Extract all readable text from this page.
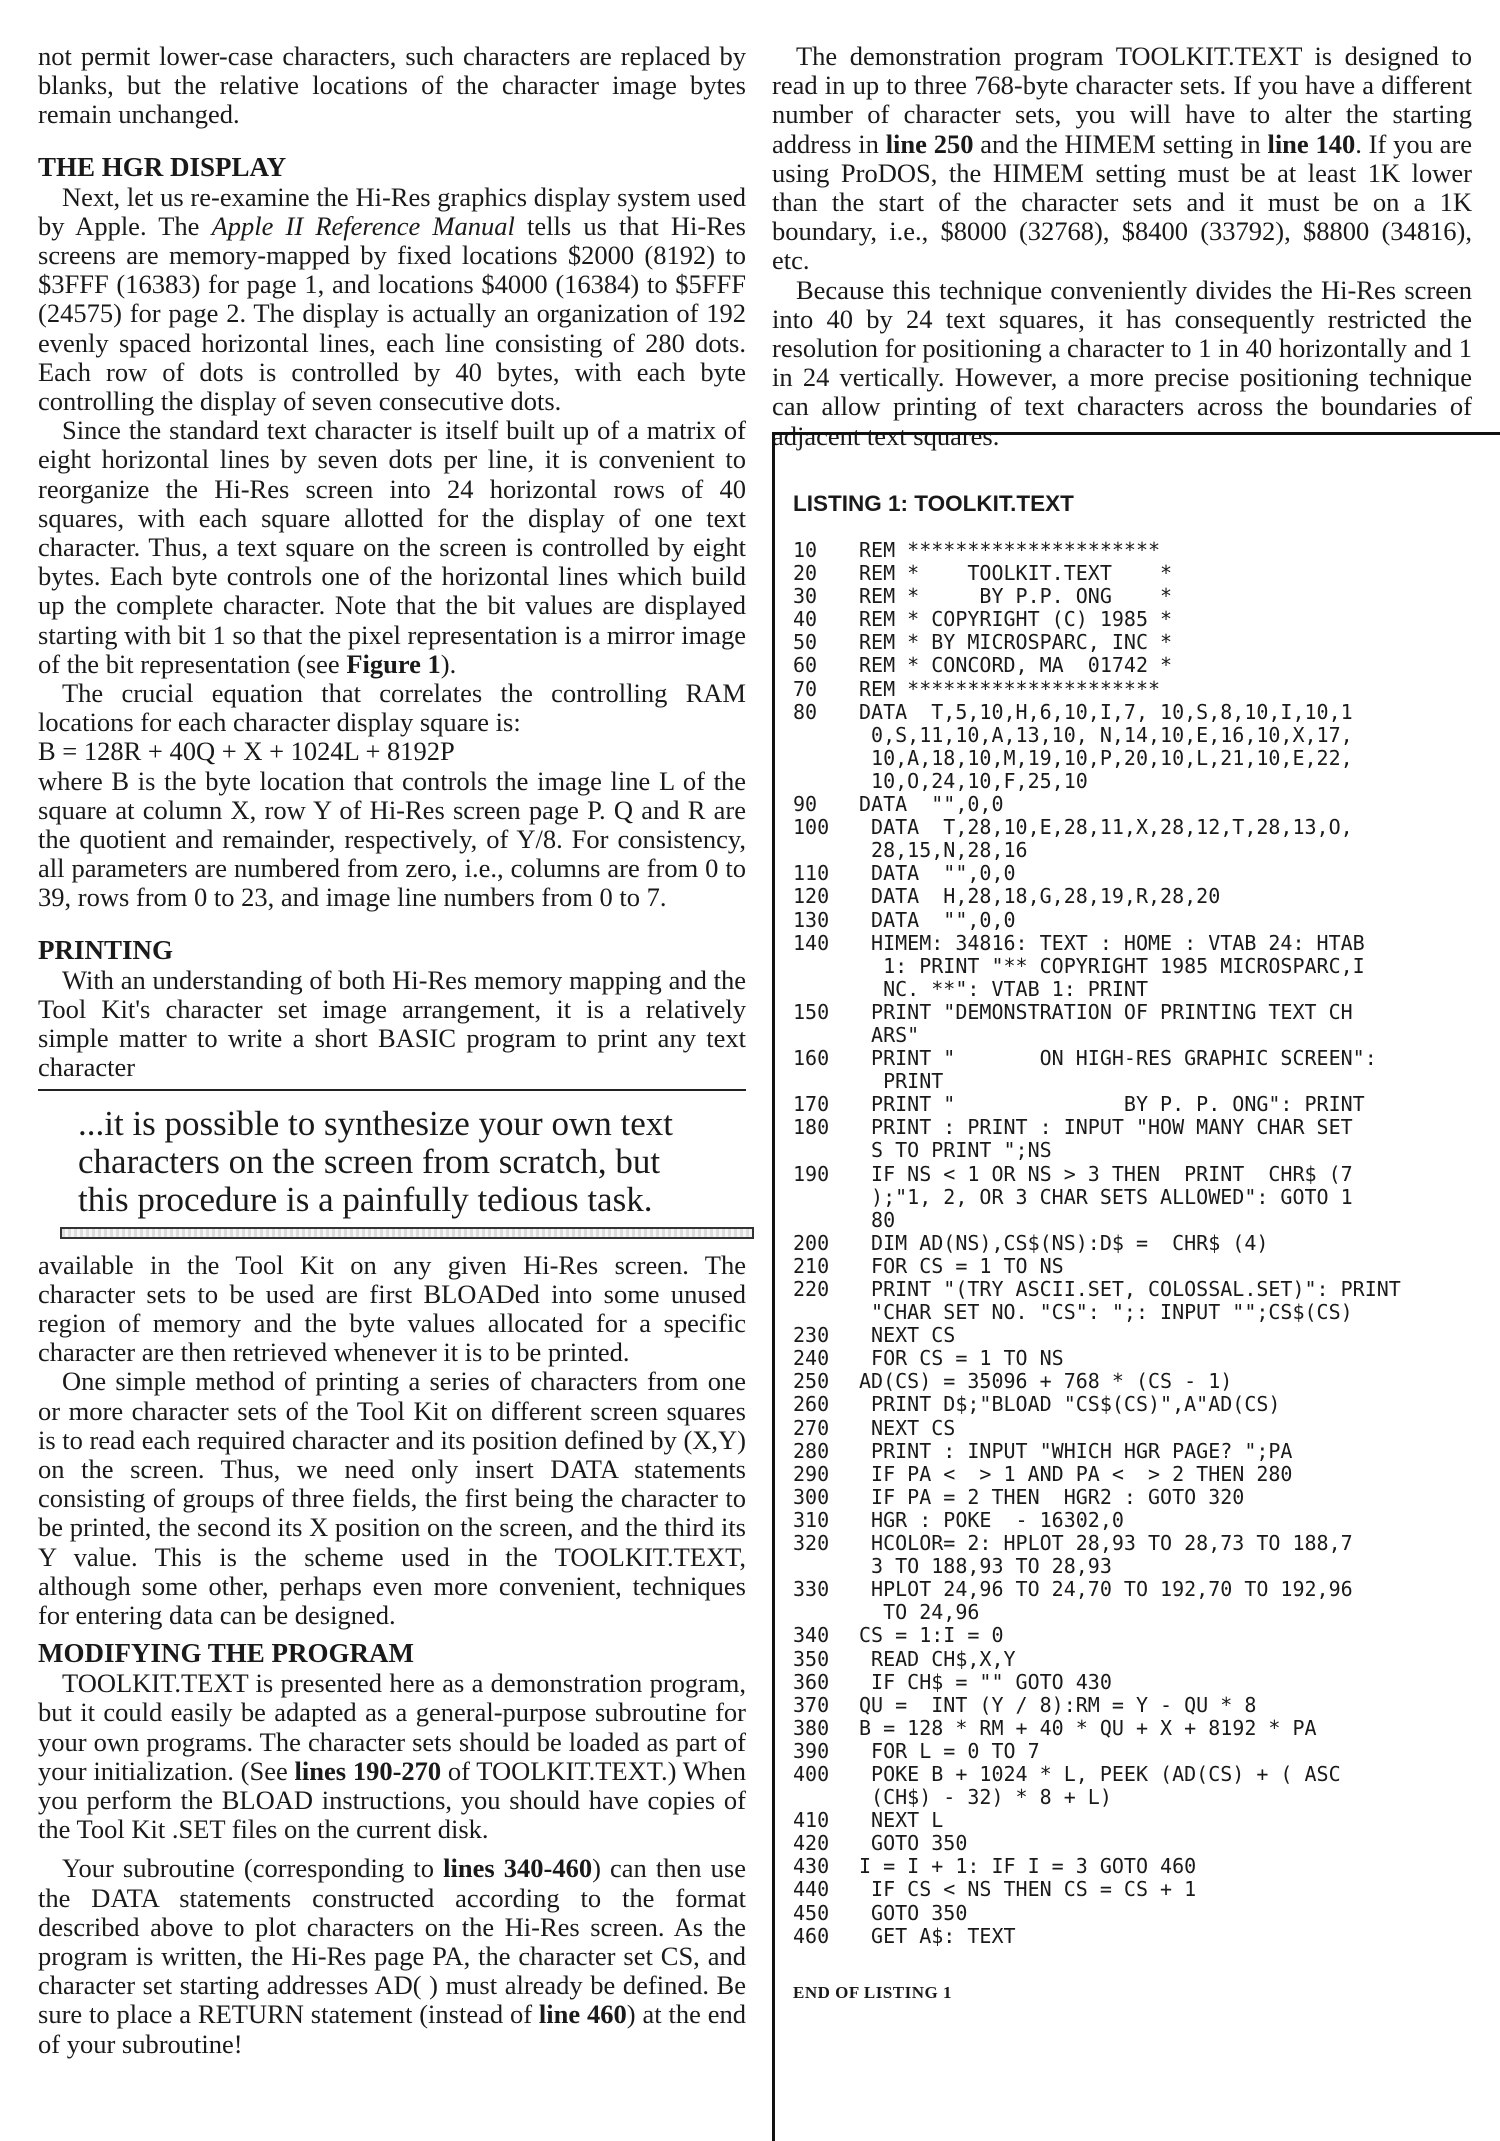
not permit lower-case characters, such characters are replaced by blanks, but the relative locations of the character image bytes remain unchanged.

THE HGR DISPLAY

Next, let us re-examine the Hi-Res graphics display system used by Apple. The Apple II Reference Manual tells us that Hi-Res screens are memory-mapped by fixed locations $2000 (8192) to $3FFF (16383) for page 1, and locations $4000 (16384) to $5FFF (24575) for page 2. The display is actually an organization of 192 evenly spaced horizontal lines, each line consisting of 280 dots. Each row of dots is controlled by 40 bytes, with each byte controlling the display of seven consecutive dots.

Since the standard text character is itself built up of a matrix of eight horizontal lines by seven dots per line, it is convenient to reorganize the Hi-Res screen into 24 horizontal rows of 40 squares, with each square allotted for the display of one text character. Thus, a text square on the screen is controlled by eight bytes. Each byte controls one of the horizontal lines which build up the complete character. Note that the bit values are displayed starting with bit 1 so that the pixel representation is a mirror image of the bit representation (see Figure 1).

The crucial equation that correlates the controlling RAM locations for each character display square is:

B = 128R + 40Q + X + 1024L + 8192P

where B is the byte location that controls the image line L of the square at column X, row Y of Hi-Res screen page P. Q and R are the quotient and remainder, respectively, of Y/8. For consistency, all parameters are numbered from zero, i.e., columns are from 0 to 39, rows from 0 to 23, and image line numbers from 0 to 7.

PRINTING

With an understanding of both Hi-Res memory mapping and the Tool Kit's character set image arrangement, it is a relatively simple matter to write a short BASIC program to print any text character

...it is possible to synthesize your own text characters on the screen from scratch, but this procedure is a painfully tedious task.

available in the Tool Kit on any given Hi-Res screen. The character sets to be used are first BLOADed into some unused region of memory and the byte values allocated for a specific character are then retrieved whenever it is to be printed.

One simple method of printing a series of characters from one or more character sets of the Tool Kit on different screen squares is to read each required character and its position defined by (X,Y) on the screen. Thus, we need only insert DATA statements consisting of groups of three fields, the first being the character to be printed, the second its X position on the screen, and the third its Y value. This is the scheme used in the TOOLKIT.TEXT, although some other, perhaps even more convenient, techniques for entering data can be designed.

MODIFYING THE PROGRAM

TOOLKIT.TEXT is presented here as a demonstration program, but it could easily be adapted as a general-purpose subroutine for your own programs. The character sets should be loaded as part of your initialization. (See lines 190-270 of TOOLKIT.TEXT.) When you perform the BLOAD instructions, you should have copies of the Tool Kit .SET files on the current disk.

Your subroutine (corresponding to lines 340-460) can then use the DATA statements constructed according to the format described above to plot characters on the Hi-Res screen. As the program is written, the Hi-Res page PA, the character set CS, and character set starting addresses AD( ) must already be defined. Be sure to place a RETURN statement (instead of line 460) at the end of your subroutine!

The demonstration program TOOLKIT.TEXT is designed to read in up to three 768-byte character sets. If you have a different number of character sets, you will have to alter the starting address in line 250 and the HIMEM setting in line 140. If you are using ProDOS, the HIMEM setting must be at least 1K lower than the start of the character sets and it must be on a 1K boundary, i.e., $8000 (32768), $8400 (33792), $8800 (34816), etc.

Because this technique conveniently divides the Hi-Res screen into 40 by 24 text squares, it has consequently restricted the resolution for positioning a character to 1 in 40 horizontally and 1 in 24 vertically. However, a more precise positioning technique can allow printing of text characters across the boundaries of adjacent text squares.

LISTING 1: TOOLKIT.TEXT
10	REM *********************
20	REM *    TOOLKIT.TEXT    *
30	REM *     BY P.P. ONG    *
40	REM * COPYRIGHT (C) 1985 *
50	REM * BY MICROSPARC, INC *
60	REM * CONCORD, MA  01742 *
70	REM *********************
80	DATA  T,5,10,H,6,10,I,7, 10,S,8,10,I,10,1
0,S,11,10,A,13,10, N,14,10,E,16,10,X,17,
10,A,18,10,M,19,10,P,20,10,L,21,10,E,22,
10,O,24,10,F,25,10
90	DATA  "",0,0
100	DATA  T,28,10,E,28,11,X,28,12,T,28,13,O,
28,15,N,28,16
110	DATA  "",0,0
120	DATA  H,28,18,G,28,19,R,28,20
130	DATA  "",0,0
140	HIMEM: 34816: TEXT : HOME : VTAB 24: HTAB
1: PRINT "** COPYRIGHT 1985 MICROSPARC,I
NC. **": VTAB 1: PRINT
150	PRINT "DEMONSTRATION OF PRINTING TEXT CH
ARS"
160	PRINT "       ON HIGH-RES GRAPHIC SCREEN":
PRINT
170	PRINT "              BY P. P. ONG": PRINT
180	PRINT : PRINT : INPUT "HOW MANY CHAR SET
S TO PRINT ";NS
190	IF NS < 1 OR NS > 3 THEN  PRINT  CHR$ (7
);"1, 2, OR 3 CHAR SETS ALLOWED": GOTO 1
80
200	DIM AD(NS),CS$(NS):D$ =  CHR$ (4)
210	FOR CS = 1 TO NS
220	PRINT "(TRY ASCII.SET, COLOSSAL.SET)": PRINT
"CHAR SET NO. "CS": ";: INPUT "";CS$(CS)
230	NEXT CS
240	FOR CS = 1 TO NS
250	AD(CS) = 35096 + 768 * (CS - 1)
260	PRINT D$;"BLOAD "CS$(CS)",A"AD(CS)
270	NEXT CS
280	PRINT : INPUT "WHICH HGR PAGE? ";PA
290	IF PA <  > 1 AND PA <  > 2 THEN 280
300	IF PA = 2 THEN  HGR2 : GOTO 320
310	HGR : POKE  - 16302,0
320	HCOLOR= 2: HPLOT 28,93 TO 28,73 TO 188,7
3 TO 188,93 TO 28,93
330	HPLOT 24,96 TO 24,70 TO 192,70 TO 192,96
TO 24,96
340	CS = 1:I = 0
350	READ CH$,X,Y
360	IF CH$ = "" GOTO 430
370	QU =  INT (Y / 8):RM = Y - QU * 8
380	B = 128 * RM + 40 * QU + X + 8192 * PA
390	FOR L = 0 TO 7
400	POKE B + 1024 * L, PEEK (AD(CS) + ( ASC
(CH$) - 32) * 8 + L)
410	NEXT L
420	GOTO 350
430	I = I + 1: IF I = 3 GOTO 460
440	IF CS < NS THEN CS = CS + 1
450	GOTO 350
460	GET A$: TEXT
END OF LISTING 1
